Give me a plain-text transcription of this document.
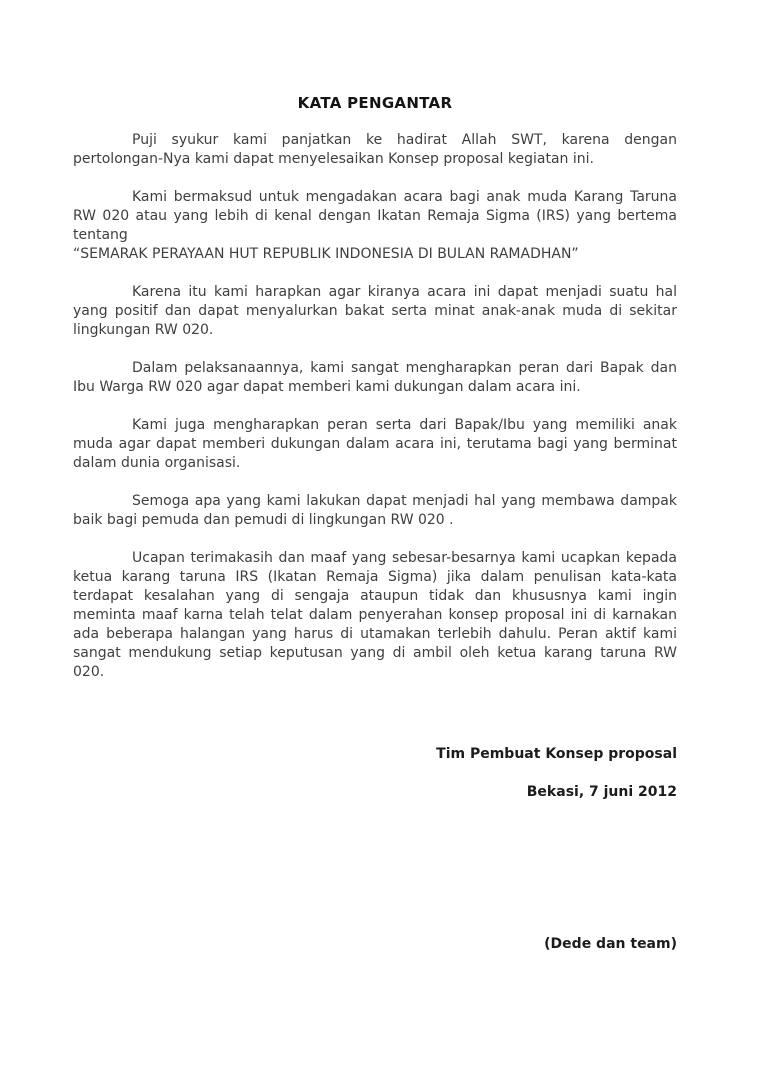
KATA PENGANTAR

Puji syukur kami panjatkan ke hadirat Allah SWT, karena dengan pertolongan-Nya kami dapat menyelesaikan Konsep proposal kegiatan ini.

Kami bermaksud untuk mengadakan acara bagi anak muda Karang Taruna RW 020 atau yang lebih di kenal dengan Ikatan Remaja Sigma (IRS) yang bertema tentang
“SEMARAK PERAYAAN HUT REPUBLIK INDONESIA DI BULAN RAMADHAN”

Karena itu kami harapkan agar kiranya acara ini dapat menjadi suatu hal yang positif dan dapat menyalurkan bakat serta minat anak-anak muda di sekitar lingkungan RW 020.

Dalam pelaksanaannya, kami sangat mengharapkan peran dari Bapak dan Ibu Warga RW 020 agar dapat memberi kami dukungan dalam acara ini.

Kami juga mengharapkan peran serta dari Bapak/Ibu yang memiliki anak muda agar dapat memberi dukungan dalam acara ini, terutama bagi yang berminat dalam dunia organisasi.

Semoga apa yang kami lakukan dapat menjadi hal yang membawa dampak baik bagi pemuda dan pemudi di lingkungan RW 020 .

Ucapan terimakasih dan maaf yang sebesar-besarnya kami ucapkan kepada ketua karang taruna IRS (Ikatan Remaja Sigma) jika dalam penulisan kata-kata terdapat kesalahan yang di sengaja ataupun tidak dan khususnya kami ingin meminta maaf karna telah telat dalam penyerahan konsep proposal ini di karnakan ada beberapa halangan yang harus di utamakan terlebih dahulu. Peran aktif kami sangat mendukung setiap keputusan yang di ambil oleh ketua karang taruna RW 020.

Tim Pembuat Konsep proposal
Bekasi, 7 juni 2012
(Dede dan team)
